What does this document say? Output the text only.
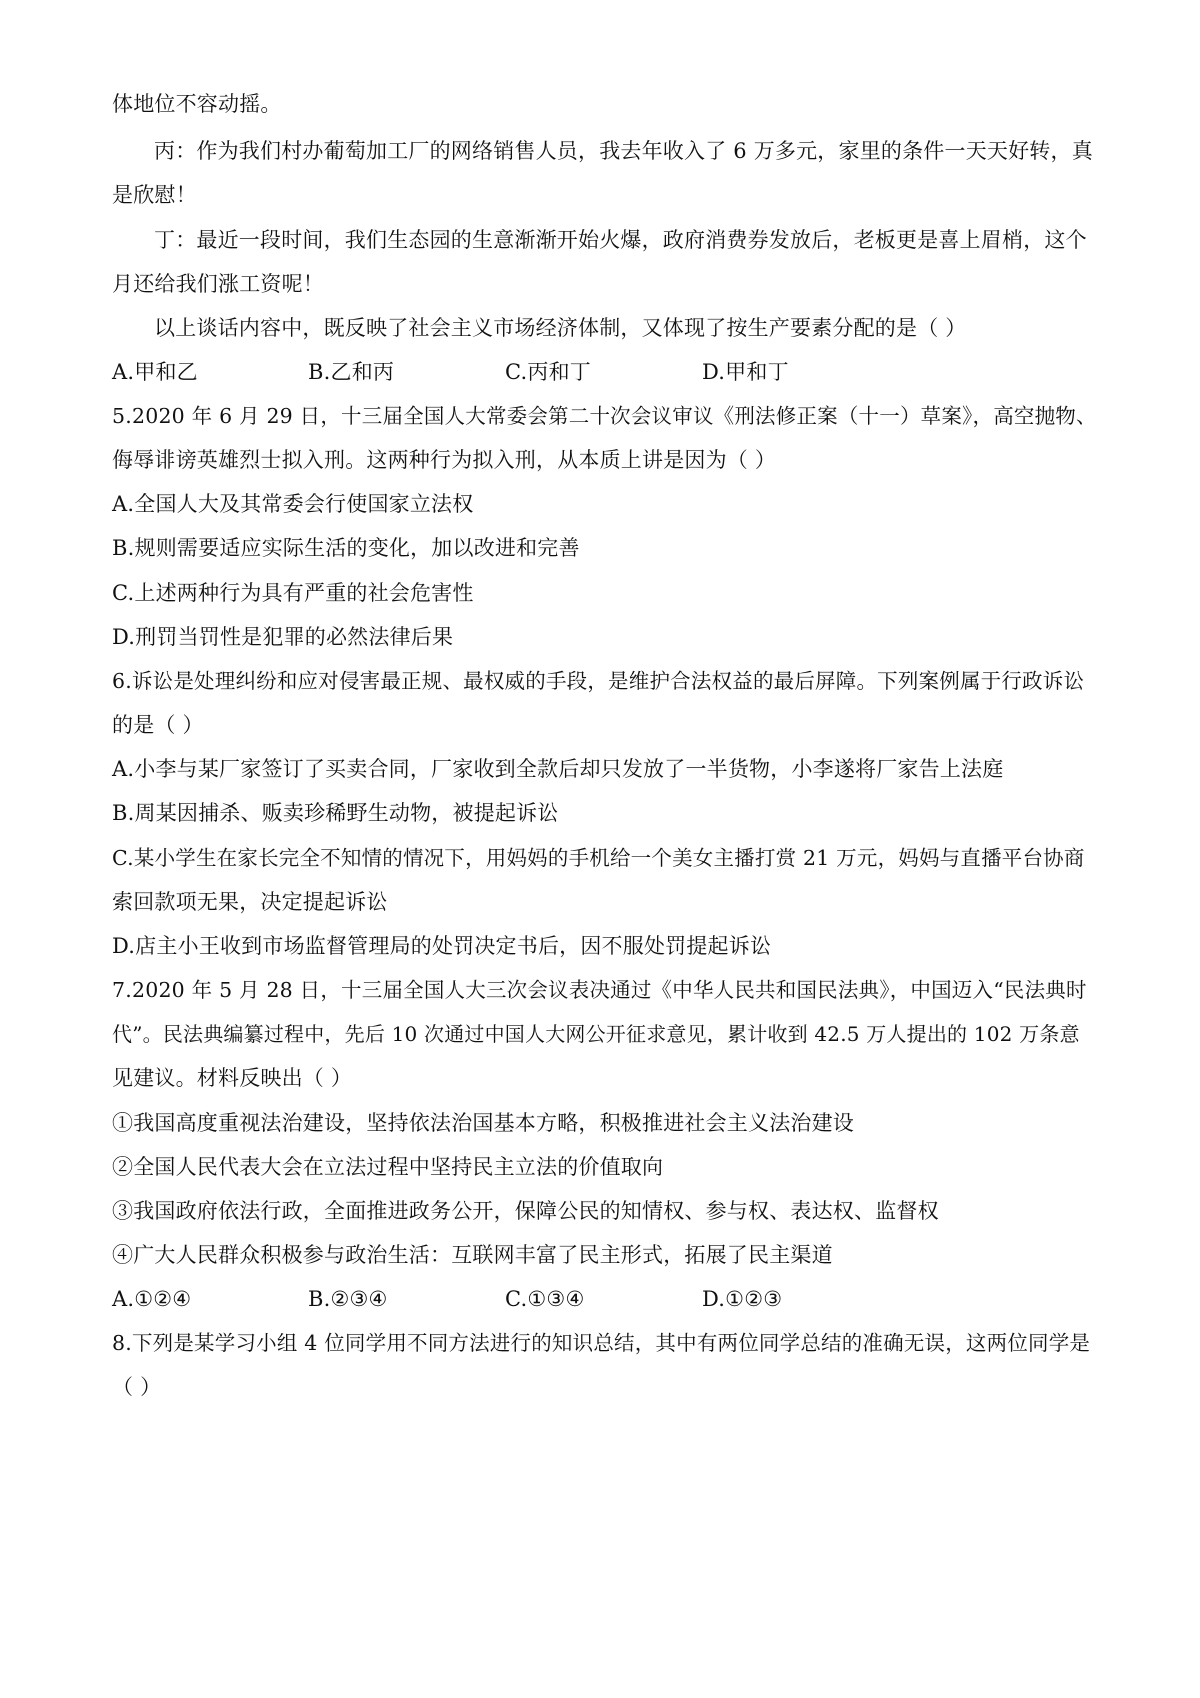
体地位不容动摇。
丙：作为我们村办葡萄加工厂的网络销售人员，我去年收入了 6 万多元，家里的条件一天天好转，真
是欣慰！
丁：最近一段时间，我们生态园的生意渐渐开始火爆，政府消费券发放后，老板更是喜上眉梢，这个
月还给我们涨工资呢！
以上谈话内容中，既反映了社会主义市场经济体制，又体现了按生产要素分配的是（ ）
A.甲和乙	B.乙和丙	C.丙和丁	D.甲和丁
5.2020 年 6 月 29 日，十三届全国人大常委会第二十次会议审议《刑法修正案（十一）草案》，高空抛物、
侮辱诽谤英雄烈士拟入刑。这两种行为拟入刑，从本质上讲是因为（ ）
A.全国人大及其常委会行使国家立法权
B.规则需要适应实际生活的变化，加以改进和完善
C.上述两种行为具有严重的社会危害性
D.刑罚当罚性是犯罪的必然法律后果
6.诉讼是处理纠纷和应对侵害最正规、最权威的手段，是维护合法权益的最后屏障。下列案例属于行政诉讼
的是（ ）
A.小李与某厂家签订了买卖合同，厂家收到全款后却只发放了一半货物，小李遂将厂家告上法庭
B.周某因捕杀、贩卖珍稀野生动物，被提起诉讼
C.某小学生在家长完全不知情的情况下，用妈妈的手机给一个美女主播打赏 21 万元，妈妈与直播平台协商
索回款项无果，决定提起诉讼
D.店主小王收到市场监督管理局的处罚决定书后，因不服处罚提起诉讼
7.2020 年 5 月 28 日，十三届全国人大三次会议表决通过《中华人民共和国民法典》，中国迈入“民法典时
代”。民法典编纂过程中，先后 10 次通过中国人大网公开征求意见，累计收到 42.5 万人提出的 102 万条意
见建议。材料反映出（ ）
①我国高度重视法治建设，坚持依法治国基本方略，积极推进社会主义法治建设
②全国人民代表大会在立法过程中坚持民主立法的价值取向
③我国政府依法行政，全面推进政务公开，保障公民的知情权、参与权、表达权、监督权
④广大人民群众积极参与政治生活：互联网丰富了民主形式，拓展了民主渠道
A.①②④	B.②③④	C.①③④	D.①②③
8.下列是某学习小组 4 位同学用不同方法进行的知识总结，其中有两位同学总结的准确无误，这两位同学是
（ ）
